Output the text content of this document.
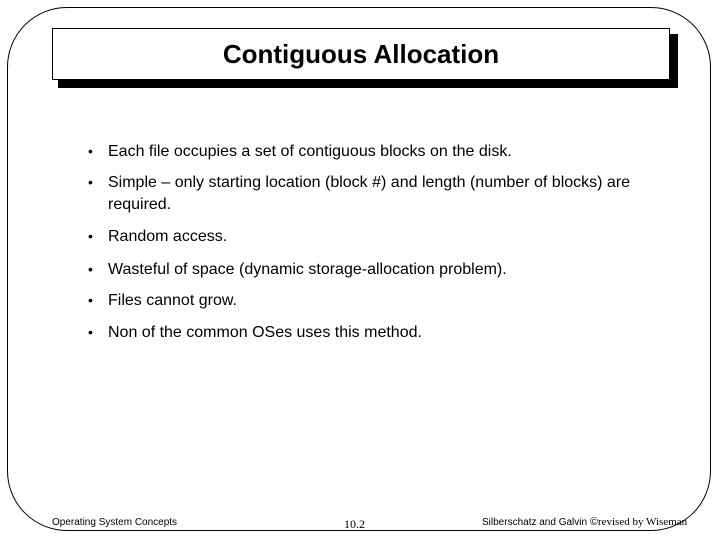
Contiguous Allocation
• Each file occupies a set of contiguous blocks on the disk.
• Simple – only starting location (block #) and length (number of blocks) are required.
• Random access.
• Wasteful of space (dynamic storage-allocation problem).
• Files cannot grow.
• Non of the common OSes uses this method.
Operating System Concepts	10.2	Silberschatz and Galvin ©revised by Wiseman
